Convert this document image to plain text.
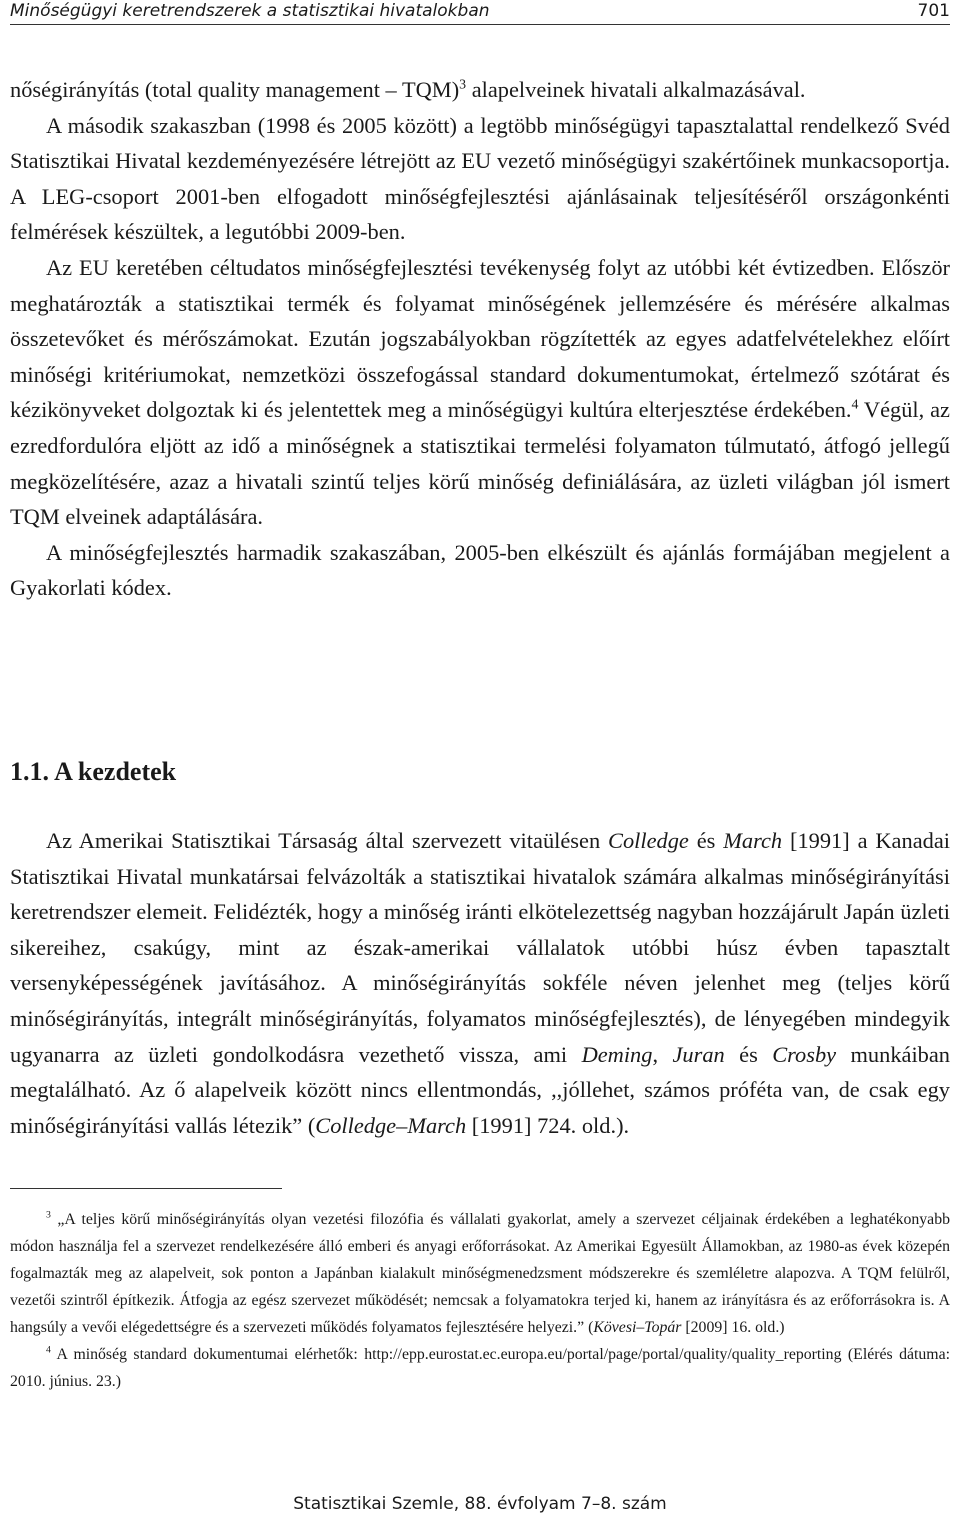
Minőségügyi keretrendszerek a statisztikai hivatalokban	701

nőségirányítás (total quality management – TQM)$^3$ alapelveinek hivatali alkalmazásával.

A második szakaszban (1998 és 2005 között) a legtöbb minőségügyi tapasztalattal rendelkező Svéd Statisztikai Hivatal kezdeményezésére létrejött az EU vezető minőségügyi szakértőinek munkacsoportja. A LEG-csoport 2001-ben elfogadott minőségfejlesztési ajánlásainak teljesítéséről országonkénti felmérések készültek, a legutóbbi 2009-ben.

Az EU keretében céltudatos minőségfejlesztési tevékenység folyt az utóbbi két évtizedben. Először meghatározták a statisztikai termék és folyamat minőségének jellemzésére és mérésére alkalmas összetevőket és mérőszámokat. Ezután jogszabályokban rögzítették az egyes adatfelvételekhez előírt minőségi kritériumokat, nemzetközi összefogással standard dokumentumokat, értelmező szótárat és kézikönyveket dolgoztak ki és jelentettek meg a minőségügyi kultúra elterjesztése érdekében.$^4$ Végül, az ezredfordulóra eljött az idő a minőségnek a statisztikai termelési folyamaton túlmutató, átfogó jellegű megközelítésére, azaz a hivatali szintű teljes körű minőség definiálására, az üzleti világban jól ismert TQM elveinek adaptálására.

A minőségfejlesztés harmadik szakaszában, 2005-ben elkészült és ajánlás formájában megjelent a Gyakorlati kódex.

1.1. A kezdetek

Az Amerikai Statisztikai Társaság által szervezett vitaülésen Colledge és March [1991] a Kanadai Statisztikai Hivatal munkatársai felvázolták a statisztikai hivatalok számára alkalmas minőségirányítási keretrendszer elemeit. Felidézték, hogy a minőség iránti elkötelezettség nagyban hozzájárult Japán üzleti sikereihez, csakúgy, mint az észak-amerikai vállalatok utóbbi húsz évben tapasztalt versenyképességének javításához. A minőségirányítás sokféle néven jelenhet meg (teljes körű minőségirányítás, integrált minőségirányítás, folyamatos minőségfejlesztés), de lényegében mindegyik ugyanarra az üzleti gondolkodásra vezethető vissza, ami Deming, Juran és Crosby munkáiban megtalálható. Az ő alapelveik között nincs ellentmondás, ,,jóllehet, számos próféta van, de csak egy minőségirányítási vallás létezik” (Colledge–March [1991] 724. old.).

$^3$ „A teljes körű minőségirányítás olyan vezetési filozófia és vállalati gyakorlat, amely a szervezet céljainak érdekében a leghatékonyabb módon használja fel a szervezet rendelkezésére álló emberi és anyagi erőforrásokat. Az Amerikai Egyesült Államokban, az 1980-as évek közepén fogalmazták meg az alapelveit, sok ponton a Japánban kialakult minőségmenedzsment módszerekre és szemléletre alapozva. A TQM felülről, vezetői szintről építkezik. Átfogja az egész szervezet működését; nemcsak a folyamatokra terjed ki, hanem az irányításra és az erőforrásokra is. A hangsúly a vevői elégedettségre és a szervezeti működés folyamatos fejlesztésére helyezi.” (Kövesi–Topár [2009] 16. old.)

$^4$ A minőség standard dokumentumai elérhetők: http://epp.eurostat.ec.europa.eu/portal/page/portal/quality/quality_reporting (Elérés dátuma: 2010. június. 23.)

Statisztikai Szemle, 88. évfolyam 7–8. szám
